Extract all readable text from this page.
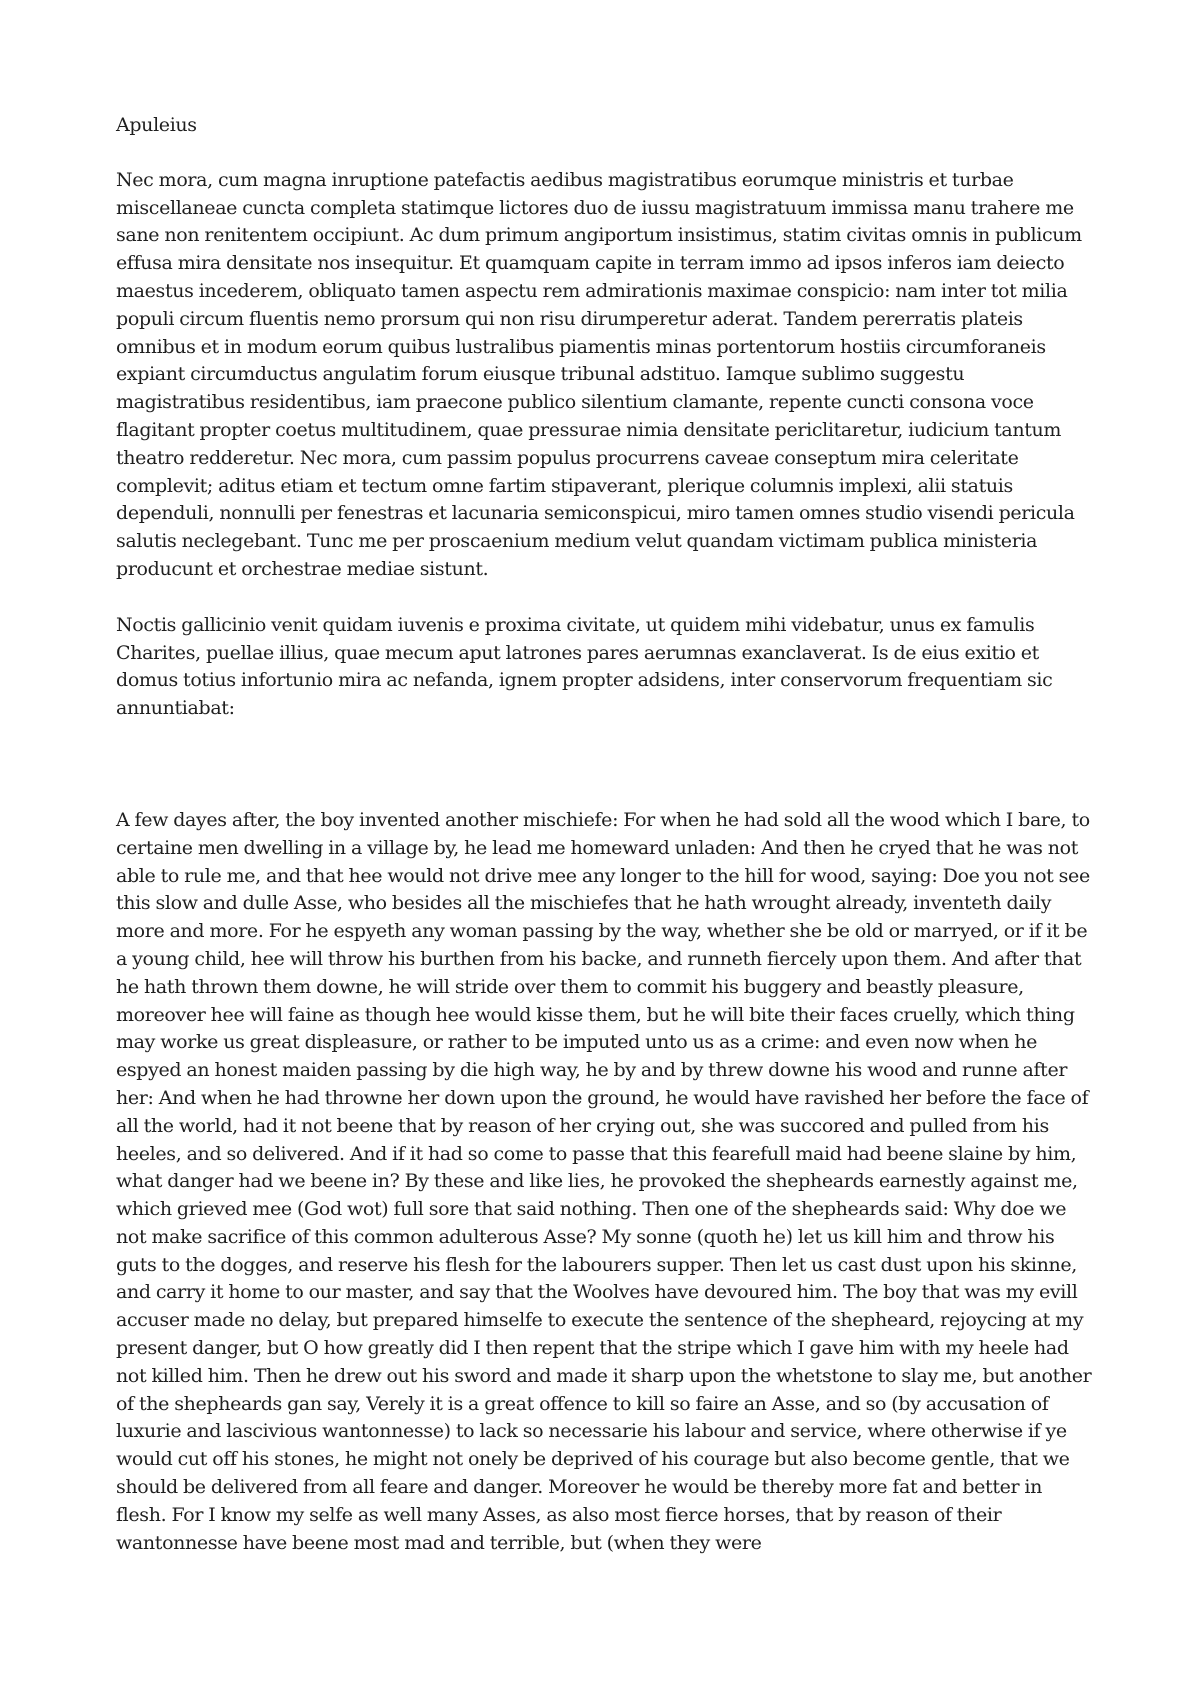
Apuleius

Nec mora, cum magna inruptione patefactis aedibus magistratibus eorumque ministris et turbae miscellaneae cuncta completa statimque lictores duo de iussu magistratuum immissa manu trahere me sane non renitentem occipiunt. Ac dum primum angiportum insistimus, statim civitas omnis in publicum effusa mira densitate nos insequitur. Et quamquam capite in terram immo ad ipsos inferos iam deiecto maestus incederem, obliquato tamen aspectu rem admirationis maximae conspicio: nam inter tot milia populi circum fluentis nemo prorsum qui non risu dirumperetur aderat. Tandem pererratis plateis omnibus et in modum eorum quibus lustralibus piamentis minas portentorum hostiis circumforaneis expiant circumductus angulatim forum eiusque tribunal adstituo. Iamque sublimo suggestu magistratibus residentibus, iam praecone publico silentium clamante, repente cuncti consona voce flagitant propter coetus multitudinem, quae pressurae nimia densitate periclitaretur, iudicium tantum theatro redderetur. Nec mora, cum passim populus procurrens caveae conseptum mira celeritate complevit; aditus etiam et tectum omne fartim stipaverant, plerique columnis implexi, alii statuis dependuli, nonnulli per fenestras et lacunaria semiconspicui, miro tamen omnes studio visendi pericula salutis neclegebant. Tunc me per proscaenium medium velut quandam victimam publica ministeria producunt et orchestrae mediae sistunt.

Noctis gallicinio venit quidam iuvenis e proxima civitate, ut quidem mihi videbatur, unus ex famulis Charites, puellae illius, quae mecum aput latrones pares aerumnas exanclaverat. Is de eius exitio et domus totius infortunio mira ac nefanda, ignem propter adsidens, inter conservorum frequentiam sic annuntiabat:

A few dayes after, the boy invented another mischiefe: For when he had sold all the wood which I bare, to certaine men dwelling in a village by, he lead me homeward unladen: And then he cryed that he was not able to rule me, and that hee would not drive mee any longer to the hill for wood, saying: Doe you not see this slow and dulle Asse, who besides all the mischiefes that he hath wrought already, inventeth daily more and more. For he espyeth any woman passing by the way, whether she be old or marryed, or if it be a young child, hee will throw his burthen from his backe, and runneth fiercely upon them. And after that he hath thrown them downe, he will stride over them to commit his buggery and beastly pleasure, moreover hee will faine as though hee would kisse them, but he will bite their faces cruelly, which thing may worke us great displeasure, or rather to be imputed unto us as a crime: and even now when he espyed an honest maiden passing by die high way, he by and by threw downe his wood and runne after her: And when he had throwne her down upon the ground, he would have ravished her before the face of all the world, had it not beene that by reason of her crying out, she was succored and pulled from his heeles, and so delivered. And if it had so come to passe that this fearefull maid had beene slaine by him, what danger had we beene in? By these and like lies, he provoked the shepheards earnestly against me, which grieved mee (God wot) full sore that said nothing. Then one of the shepheards said: Why doe we not make sacrifice of this common adulterous Asse? My sonne (quoth he) let us kill him and throw his guts to the dogges, and reserve his flesh for the labourers supper. Then let us cast dust upon his skinne, and carry it home to our master, and say that the Woolves have devoured him. The boy that was my evill accuser made no delay, but prepared himselfe to execute the sentence of the shepheard, rejoycing at my present danger, but O how greatly did I then repent that the stripe which I gave him with my heele had not killed him. Then he drew out his sword and made it sharp upon the whetstone to slay me, but another of the shepheards gan say, Verely it is a great offence to kill so faire an Asse, and so (by accusation of luxurie and lascivious wantonnesse) to lack so necessarie his labour and service, where otherwise if ye would cut off his stones, he might not onely be deprived of his courage but also become gentle, that we should be delivered from all feare and danger. Moreover he would be thereby more fat and better in flesh. For I know my selfe as well many Asses, as also most fierce horses, that by reason of their wantonnesse have beene most mad and terrible, but (when they were
